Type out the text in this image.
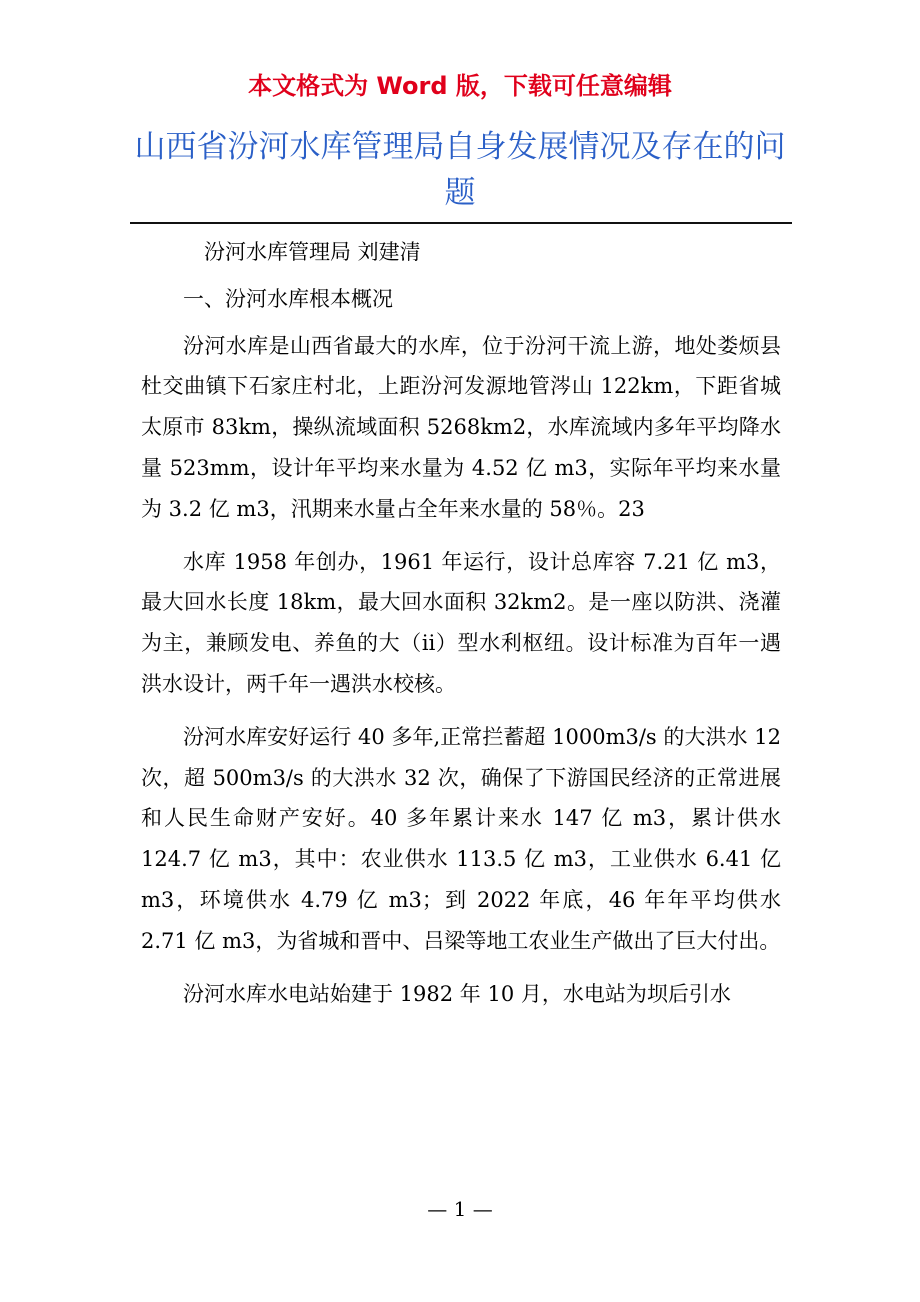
本文格式为 Word 版，下载可任意编辑
山西省汾河水库管理局自身发展情况及存在的问题

汾河水库管理局 刘建清

一、汾河水库根本概况

汾河水库是山西省最大的水库，位于汾河干流上游，地处娄烦县杜交曲镇下石家庄村北，上距汾河发源地管涔山 122km，下距省城太原市 83km，操纵流域面积 5268km2，水库流域内多年平均降水量 523mm，设计年平均来水量为 4.52 亿 m3，实际年平均来水量为 3.2 亿 m3，汛期来水量占全年来水量的 58％。23

水库 1958 年创办，1961 年运行，设计总库容 7.21 亿 m3，最大回水长度 18km，最大回水面积 32km2。是一座以防洪、浇灌为主，兼顾发电、养鱼的大（ⅱ）型水利枢纽。设计标准为百年一遇洪水设计，两千年一遇洪水校核。

汾河水库安好运行 40 多年,正常拦蓄超 1000m3/s 的大洪水 12 次，超 500m3/s 的大洪水 32 次，确保了下游国民经济的正常进展和人民生命财产安好。40 多年累计来水 147 亿 m3，累计供水 124.7 亿 m3，其中：农业供水 113.5 亿 m3，工业供水 6.41 亿 m3，环境供水 4.79 亿 m3；到 2022 年底，46 年年平均供水 2.71 亿 m3，为省城和晋中、吕梁等地工农业生产做出了巨大付出。

汾河水库水电站始建于 1982 年 10 月，水电站为坝后引水

— 1 —
